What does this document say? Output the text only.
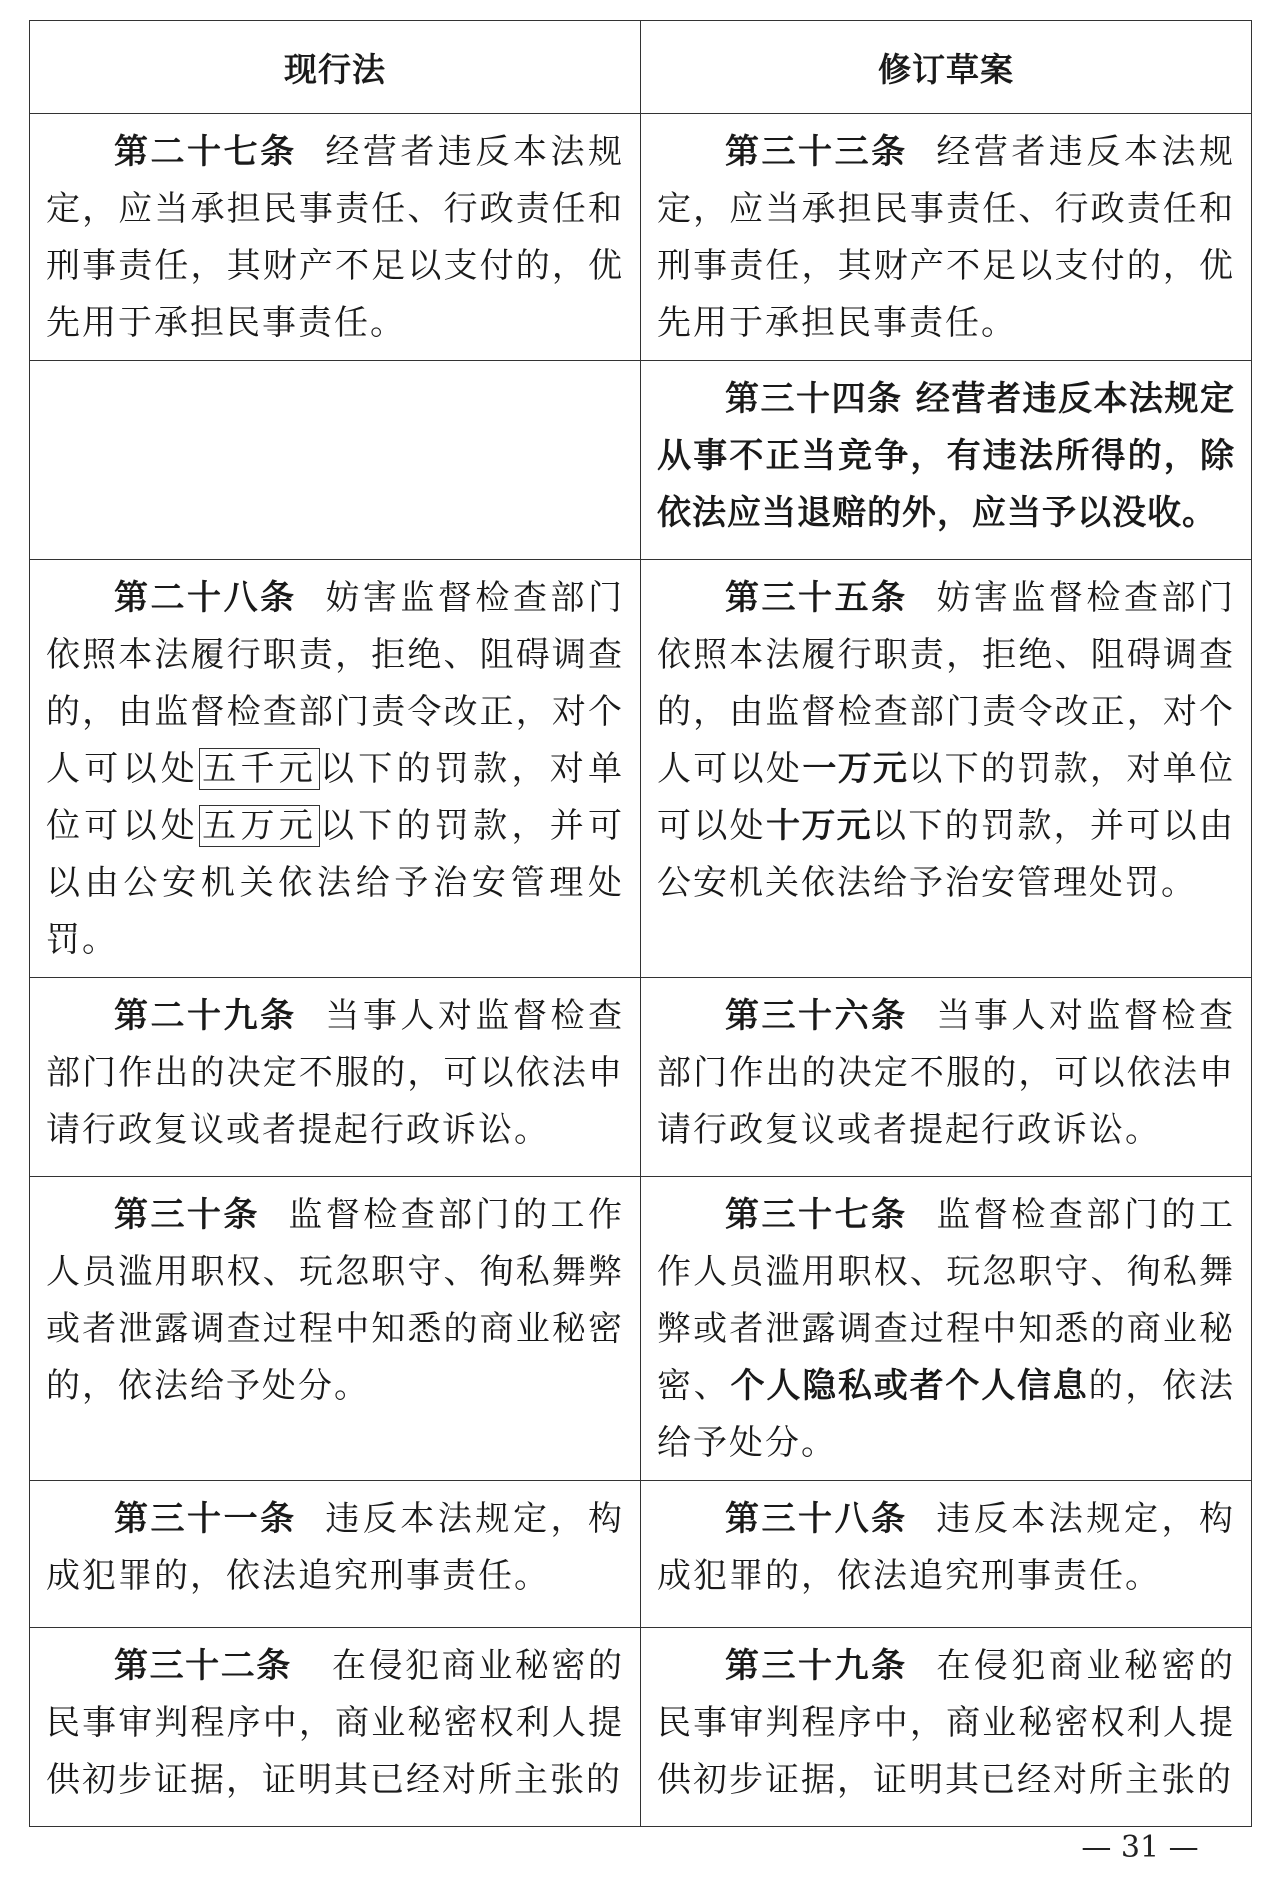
现行法	修订草案

第二十七条 经营者违反本法规定，应当承担民事责任、行政责任和刑事责任，其财产不足以支付的，优先用于承担民事责任。	第三十三条 经营者违反本法规定，应当承担民事责任、行政责任和刑事责任，其财产不足以支付的，优先用于承担民事责任。

	第三十四条 经营者违反本法规定从事不正当竞争，有违法所得的，除依法应当退赔的外，应当予以没收。

第二十八条 妨害监督检查部门依照本法履行职责，拒绝、阻碍调查的，由监督检查部门责令改正，对个人可以处五千元以下的罚款，对单位可以处五万元以下的罚款，并可以由公安机关依法给予治安管理处罚。	第三十五条 妨害监督检查部门依照本法履行职责，拒绝、阻碍调查的，由监督检查部门责令改正，对个人可以处一万元以下的罚款，对单位可以处十万元以下的罚款，并可以由公安机关依法给予治安管理处罚。

第二十九条 当事人对监督检查部门作出的决定不服的，可以依法申请行政复议或者提起行政诉讼。	第三十六条 当事人对监督检查部门作出的决定不服的，可以依法申请行政复议或者提起行政诉讼。

第三十条 监督检查部门的工作人员滥用职权、玩忽职守、徇私舞弊或者泄露调查过程中知悉的商业秘密的，依法给予处分。	第三十七条 监督检查部门的工作人员滥用职权、玩忽职守、徇私舞弊或者泄露调查过程中知悉的商业秘密、个人隐私或者个人信息的，依法给予处分。

第三十一条 违反本法规定，构成犯罪的，依法追究刑事责任。	第三十八条 违反本法规定，构成犯罪的，依法追究刑事责任。

第三十二条 在侵犯商业秘密的民事审判程序中，商业秘密权利人提供初步证据，证明其已经对所主张的	第三十九条 在侵犯商业秘密的民事审判程序中，商业秘密权利人提供初步证据，证明其已经对所主张的
— 31 —
